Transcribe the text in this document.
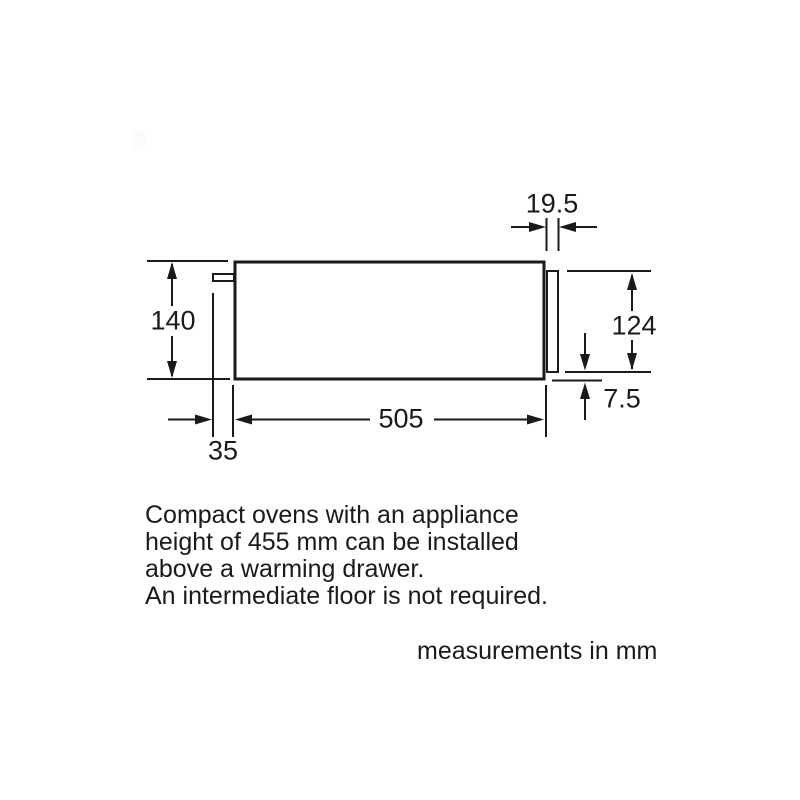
19.5
140	124
7.5
505
35
Compact ovens with an appliance
height of 455 mm can be installed
above a warming drawer.
An intermediate floor is not required.
measurements in mm
